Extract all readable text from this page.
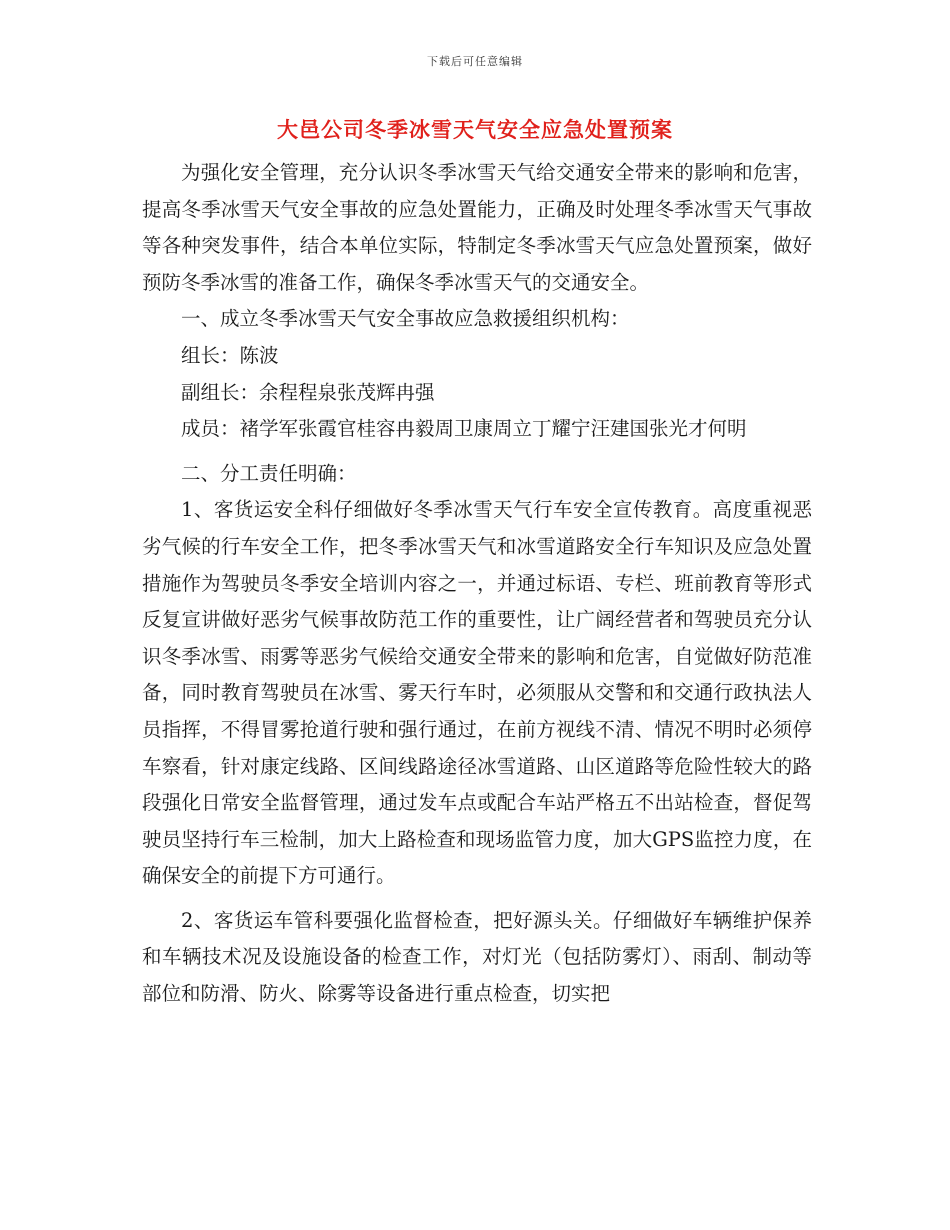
下载后可任意编辑
大邑公司冬季冰雪天气安全应急处置预案

为强化安全管理，充分认识冬季冰雪天气给交通安全带来的影响和危害，提高冬季冰雪天气安全事故的应急处置能力，正确及时处理冬季冰雪天气事故等各种突发事件，结合本单位实际，特制定冬季冰雪天气应急处置预案，做好预防冬季冰雪的准备工作，确保冬季冰雪天气的交通安全。

一、成立冬季冰雪天气安全事故应急救援组织机构：

组长：陈波

副组长：余程程泉张茂辉冉强

成员：褚学军张霞官桂容冉毅周卫康周立丁耀宁汪建国张光才何明

二、分工责任明确：

1、客货运安全科仔细做好冬季冰雪天气行车安全宣传教育。高度重视恶劣气候的行车安全工作，把冬季冰雪天气和冰雪道路安全行车知识及应急处置措施作为驾驶员冬季安全培训内容之一，并通过标语、专栏、班前教育等形式反复宣讲做好恶劣气候事故防范工作的重要性，让广阔经营者和驾驶员充分认识冬季冰雪、雨雾等恶劣气候给交通安全带来的影响和危害，自觉做好防范准备，同时教育驾驶员在冰雪、雾天行车时，必须服从交警和和交通行政执法人员指挥，不得冒雾抢道行驶和强行通过，在前方视线不清、情况不明时必须停车察看，针对康定线路、区间线路途径冰雪道路、山区道路等危险性较大的路段强化日常安全监督管理，通过发车点或配合车站严格五不出站检查，督促驾驶员坚持行车三检制，加大上路检查和现场监管力度，加大GPS监控力度，在确保安全的前提下方可通行。

2、客货运车管科要强化监督检查，把好源头关。仔细做好车辆维护保养和车辆技术况及设施设备的检查工作，对灯光（包括防雾灯）、雨刮、制动等部位和防滑、防火、除雾等设备进行重点检查，切实把
